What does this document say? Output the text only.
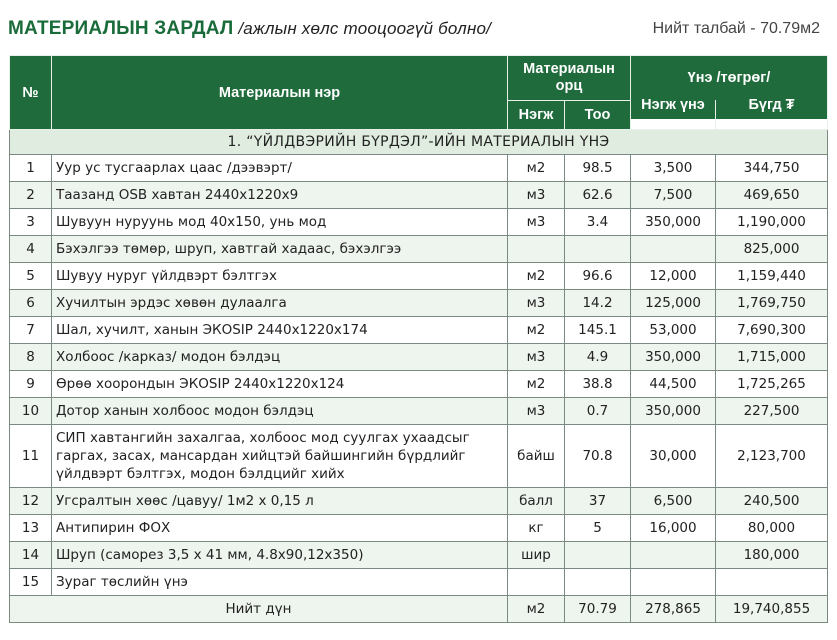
МАТЕРИАЛЫН ЗАРДАЛ /ажлын хөлс тооцоогүй болно/	Нийт талбай - 70.79м2
№	Материалын нэр	Материалын орц		Үнэ /төгрөг/	
		Нэгж	Тоо	Нэгж үнэ	Бүгд ₮
1. “ҮЙЛДВЭРИЙН БҮРДЭЛ”-ИЙН МАТЕРИАЛЫН ҮНЭ					
1	Уур ус тусгаарлах цаас /дээвэрт/	м2	98.5	3,500	344,750
2	Таазанд OSB хавтан 2440х1220х9	м3	62.6	7,500	469,650
3	Шувуун нуруунь мод 40х150, унь мод	м3	3.4	350,000	1,190,000
4	Бэхэлгээ төмөр, шруп, хавтгай хадаас, бэхэлгээ				825,000
5	Шувуу нуруг үйлдвэрт бэлтгэх	м2	96.6	12,000	1,159,440
6	Хучилтын эрдэс хөвөн дулаалга	м3	14.2	125,000	1,769,750
7	Шал, хучилт, ханын ЭКОSIP 2440х1220х174	м2	145.1	53,000	7,690,300
8	Холбоос /карказ/ модон бэлдэц	м3	4.9	350,000	1,715,000
9	Өрөө хоорондын ЭКОSIP 2440х1220х124	м2	38.8	44,500	1,725,265
10	Дотор ханын холбоос модон бэлдэц	м3	0.7	350,000	227,500
11	СИП хавтангийн захалгаа, холбоос мод суулгах ухаадсыг гаргах, засах, мансардан хийцтэй байшингийн бүрдлийг үйлдвэрт бэлтгэх, модон бэлдцийг хийх	байш	70.8	30,000	2,123,700
12	Угсралтын хөөс /цавуу/ 1м2 х 0,15 л	балл	37	6,500	240,500
13	Антипирин ФОХ	кг	5	16,000	80,000
14	Шруп (саморез 3,5 х 41 мм, 4.8х90,12х350)	шир			180,000
15	Зураг төслийн үнэ				
Нийт дүн		м2	70.79	278,865	19,740,855
